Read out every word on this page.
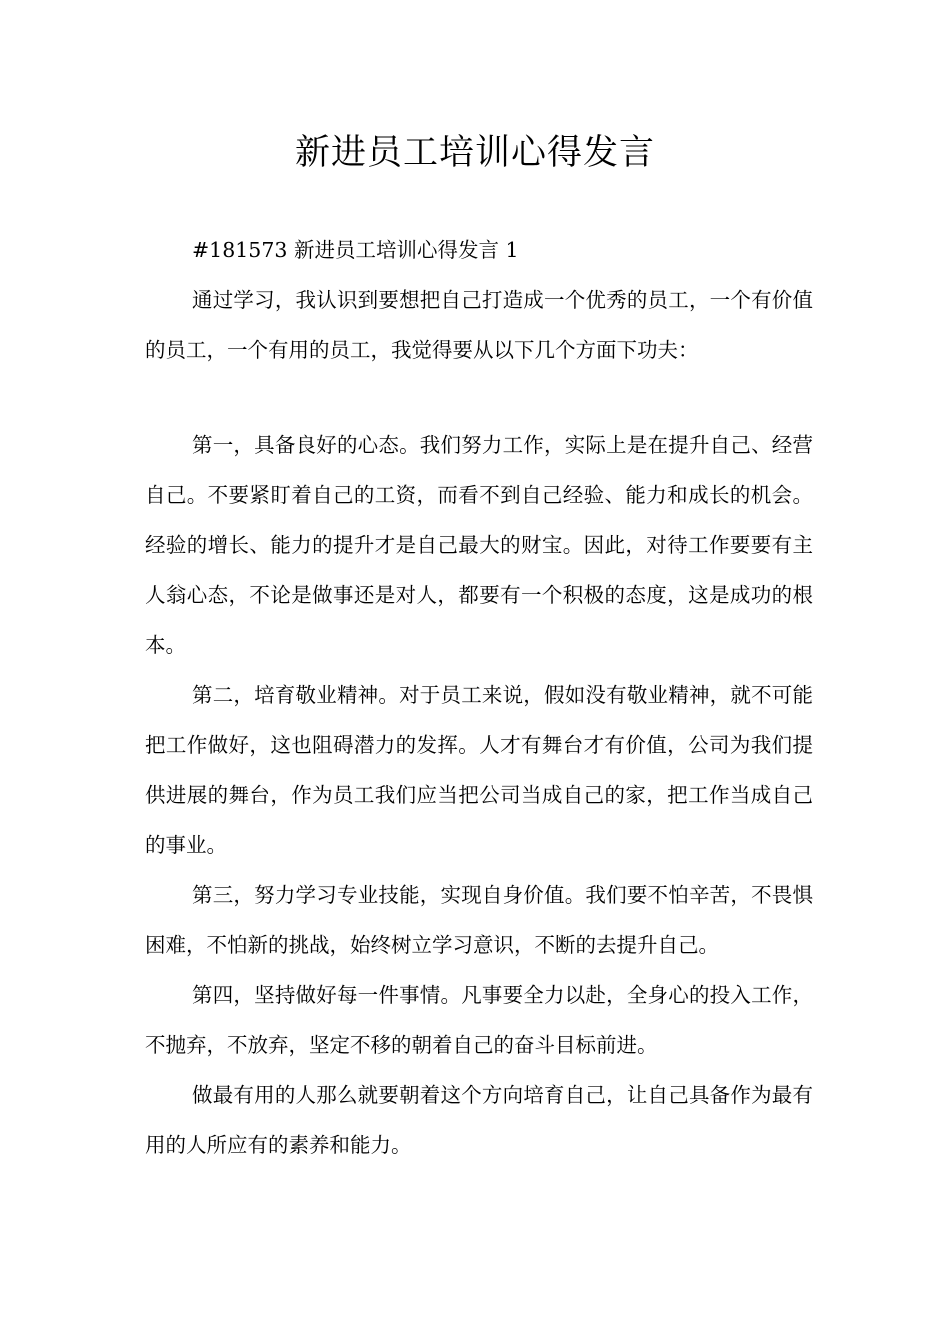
新进员工培训心得发言

#181573 新进员工培训心得发言 1

通过学习，我认识到要想把自己打造成一个优秀的员工，一个有价值的员工，一个有用的员工，我觉得要从以下几个方面下功夫：

第一，具备良好的心态。我们努力工作，实际上是在提升自己、经营自己。不要紧盯着自己的工资，而看不到自己经验、能力和成长的机会。经验的增长、能力的提升才是自己最大的财宝。因此，对待工作要要有主人翁心态，不论是做事还是对人，都要有一个积极的态度，这是成功的根本。

第二，培育敬业精神。对于员工来说，假如没有敬业精神，就不可能把工作做好，这也阻碍潜力的发挥。人才有舞台才有价值，公司为我们提供进展的舞台，作为员工我们应当把公司当成自己的家，把工作当成自己的事业。

第三，努力学习专业技能，实现自身价值。我们要不怕辛苦，不畏惧困难，不怕新的挑战，始终树立学习意识，不断的去提升自己。

第四，坚持做好每一件事情。凡事要全力以赴，全身心的投入工作，不抛弃，不放弃，坚定不移的朝着自己的奋斗目标前进。

做最有用的人那么就要朝着这个方向培育自己，让自己具备作为最有用的人所应有的素养和能力。
